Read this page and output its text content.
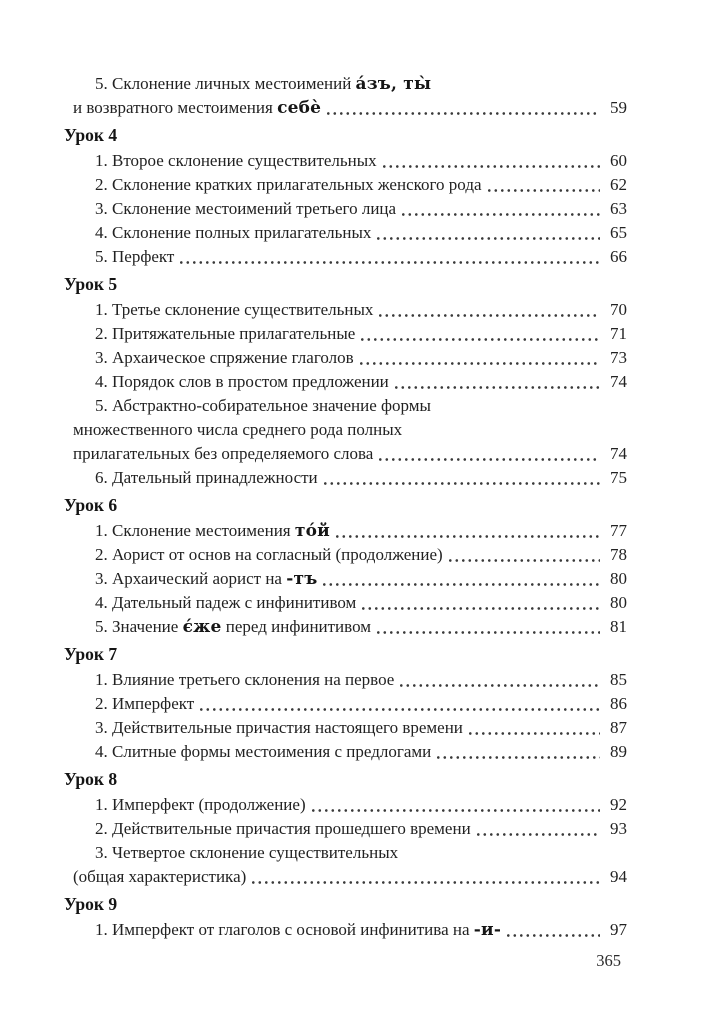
5. Склонение личных местоимений а́зъ, ты̀
и возвратного местоимения себѐ	59
Урок 4
1. Второе склонение существительных	60
2. Склонение кратких прилагательных женского рода	62
3. Склонение местоимений третьего лица	63
4. Склонение полных прилагательных	65
5. Перфект	66
Урок 5
1. Третье склонение существительных	70
2. Притяжательные прилагательные	71
3. Архаическое спряжение глаголов	73
4. Порядок слов в простом предложении	74
5. Абстрактно-собирательное значение формы
множественного числа среднего рода полных
прилагательных без определяемого слова	74
6. Дательный принадлежности	75
Урок 6
1. Склонение местоимения то́й	77
2. Аорист от основ на согласный (продолжение)	78
3. Архаический аорист на -тъ	80
4. Дательный падеж с инфинитивом	80
5. Значение є́же перед инфинитивом	81
Урок 7
1. Влияние третьего склонения на первое	85
2. Имперфект	86
3. Действительные причастия настоящего времени	87
4. Слитные формы местоимения с предлогами	89
Урок 8
1. Имперфект (продолжение)	92
2. Действительные причастия прошедшего времени	93
3. Четвертое склонение существительных
(общая характеристика)	94
Урок 9
1. Имперфект от глаголов с основой инфинитива на -и-	97
365
